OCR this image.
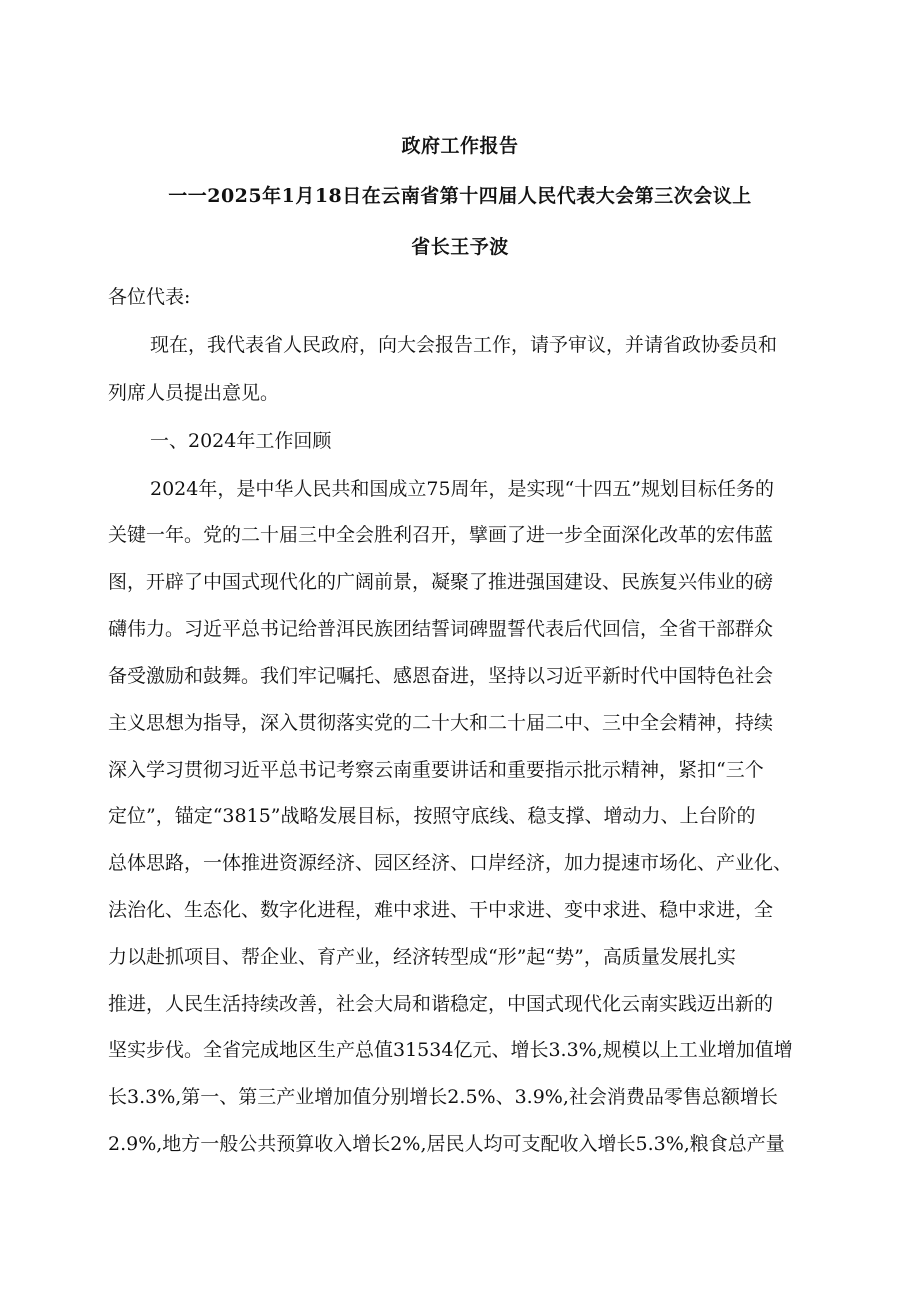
政府工作报告
一一2025年1月18日在云南省第十四届人民代表大会第三次会议上
省长王予波
各位代表:
现在，我代表省人民政府，向大会报告工作，请予审议，并请省政协委员和
列席人员提出意见。
一、2024年工作回顾
2024年，是中华人民共和国成立75周年，是实现“十四五”规划目标任务的
关键一年。党的二十届三中全会胜利召开，擘画了进一步全面深化改革的宏伟蓝
图，开辟了中国式现代化的广阔前景，凝聚了推进强国建设、民族复兴伟业的磅
礴伟力。习近平总书记给普洱民族团结誓词碑盟誓代表后代回信，全省干部群众
备受激励和鼓舞。我们牢记嘱托、感恩奋进，坚持以习近平新时代中国特色社会
主义思想为指导，深入贯彻落实党的二十大和二十届二中、三中全会精神，持续
深入学习贯彻习近平总书记考察云南重要讲话和重要指示批示精神，紧扣“三个
定位”，锚定“3815”战略发展目标，按照守底线、稳支撑、增动力、上台阶的
总体思路，一体推进资源经济、园区经济、口岸经济，加力提速市场化、产业化、
法治化、生态化、数字化进程，难中求进、干中求进、变中求进、稳中求进，全
力以赴抓项目、帮企业、育产业，经济转型成“形”起“势”，高质量发展扎实
推进，人民生活持续改善，社会大局和谐稳定，中国式现代化云南实践迈出新的
坚实步伐。全省完成地区生产总值31534亿元、增长3.3%,规模以上工业增加值增
长3.3%,第一、第三产业增加值分别增长2.5%、3.9%,社会消费品零售总额增长
2.9%,地方一般公共预算收入增长2%,居民人均可支配收入增长5.3%,粮食总产量
